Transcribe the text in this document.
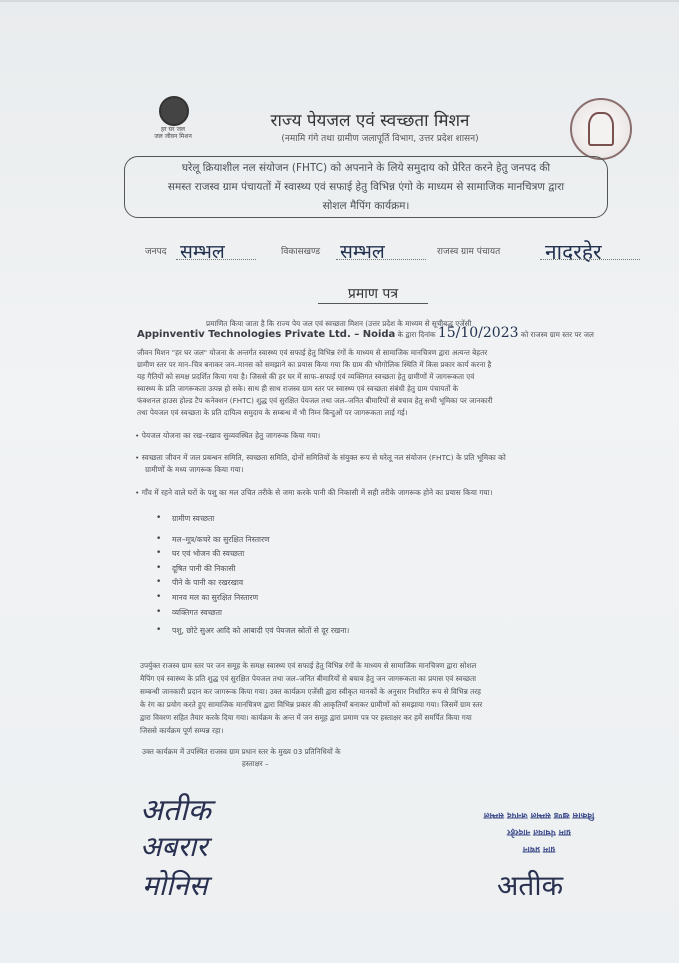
हर घर जल
जल जीवन मिशन
राज्य पेयजल एवं स्वच्छता मिशन
(नमामि गंगे तथा ग्रामीण जलापूर्ति विभाग, उत्तर प्रदेश शासन)
घरेलू क्रियाशील नल संयोजन (FHTC) को अपनाने के लिये समुदाय को प्रेरित करने हेतु जनपद की
समस्त राजस्व ग्राम पंचायतों में स्वास्थ्य एवं सफाई हेतु विभिन्न एंगो के माध्यम से सामाजिक मानचित्रण द्वारा
सोशल मैपिंग कार्यक्रम।
जनपद सम्भल	विकासखण्ड सम्भल	राजस्व ग्राम पंचायत नादरहेर
प्रमाण पत्र
प्रमाणित किया जाता है कि राज्य पेय जल एवं स्वच्छता मिशन (उत्तर प्रदेश के माध्यम से सूचीबद्ध एजेंसी
Appinventiv Technologies Private Ltd. – Noida के द्वारा दिनांक 15/10/2023 को राजस्व ग्राम स्तर पर जल
जीवन मिशन "हर घर जल" योजना के अन्तर्गत स्वास्थ्य एवं सफाई हेतु विभिन्न रंगों के माध्यम से सामाजिक मानचित्रण द्वारा अत्यन्त बेहतर
ग्रामीण स्तर पर मान–चित्र बनाकर जन–मानस को समझाने का प्रयास किया गया कि ग्राम की भौगोलिक स्थिति में किस प्रकार कार्य करना है
यह गैतियों को समक्ष प्रदर्शित किया गया है। जिससे की हर घर में साफ–सफाई एवं व्यक्तिगत स्वच्छता हेतु ग्रामीणों में जागरूकता एवं
स्वास्थ्य के प्रति जागरूकता उत्पन्न हो सके। साथ ही साथ राजस्व ग्राम स्तर पर स्वास्थ्य एवं स्वच्छता संबंधी हेतु ग्राम पंचायतों के
फंक्शनल हाउस होल्ड टैप कनेक्शन (FHTC) शुद्ध एवं सुरक्षित पेयजल तथा जल–जनित बीमारियों से बचाव हेतु सभी भूमिका पर जानकारी
तथा पेयजल एवं स्वच्छता के प्रति दायित्व समुदाय के सम्बन्ध में भी निम्न बिन्दुओं पर जागरूकता लाई गई।
• पेयजल योजना का रख–रखाव सुव्यवस्थित हेतु जागरूक किया गया।
• स्वच्छता जीवन में जल प्रबन्धन समिति, स्वच्छता समिति, दोनों समितियों के संयुक्त रूप से घरेलू नल संयोजन (FHTC) के प्रति भूमिका को
ग्रामीणों के मध्य जागरूक किया गया।
• गाँव में रहने वाले घरों के पशु का मल उचित तरीके से जमा करके पानी की निकासी में सही तरीके जागरूक होने का प्रयास किया गया।
• ग्रामीण स्वच्छता
• मल–मूत्र/कचरे का सुरक्षित निस्तारण
• घर एवं भोजन की स्वच्छता
• दूषित पानी की निकासी
• पीने के पानी का रखरखाव
• मानव मल का सुरक्षित निस्तारण
• व्यक्तिगत स्वच्छता
• पशु, छोटे सुअर आदि को आबादी एवं पेयजल स्रोतों से दूर रखना।
उपर्युक्त राजस्व ग्राम स्तर पर जन समूह के समक्ष स्वास्थ्य एवं सफाई हेतु विभिन्न रंगों के माध्यम से सामाजिक मानचित्रण द्वारा सोशल
मैपिंग एवं स्वास्थ्य के प्रति शुद्ध एवं सुरक्षित पेयजल तथा जल–जनित बीमारियों से बचाव हेतु जन जागरूकता का प्रयास एवं स्वच्छता
सम्बन्धी जानकारी प्रदान कर जागरूक किया गया। उक्त कार्यक्रम एजेंसी द्वारा स्वीकृत मानकों के अनुसार निर्धारित रूप से विभिन्न तरह
के रंग का प्रयोग करते हुए सामाजिक मानचित्रण द्वारा विभिन्न प्रकार की आकृतियाँ बनाकर ग्रामीणों को समझाया गया। जिसमें ग्राम स्तर
द्वारा विवरण सहित तैयार करके दिया गया। कार्यक्रम के अन्त में जन समूह द्वारा प्रमाण पत्र पर हस्ताक्षर कर हमें समर्पित किया गया
जिससे कार्यक्रम पूर्ण सम्पन्न रहा।
उक्त कार्यक्रम में उपस्थित राजस्व ग्राम प्रधान स्तर के मुख्य 03 प्रतिनिधियों के
हस्ताक्षर –
अतीक
अबरार
मोनिस
ग्राम प्रधान
ग्राम पंचायत नादरहेर
विकास खण्ड सम्भल जनपद सम्भल
अतीक
